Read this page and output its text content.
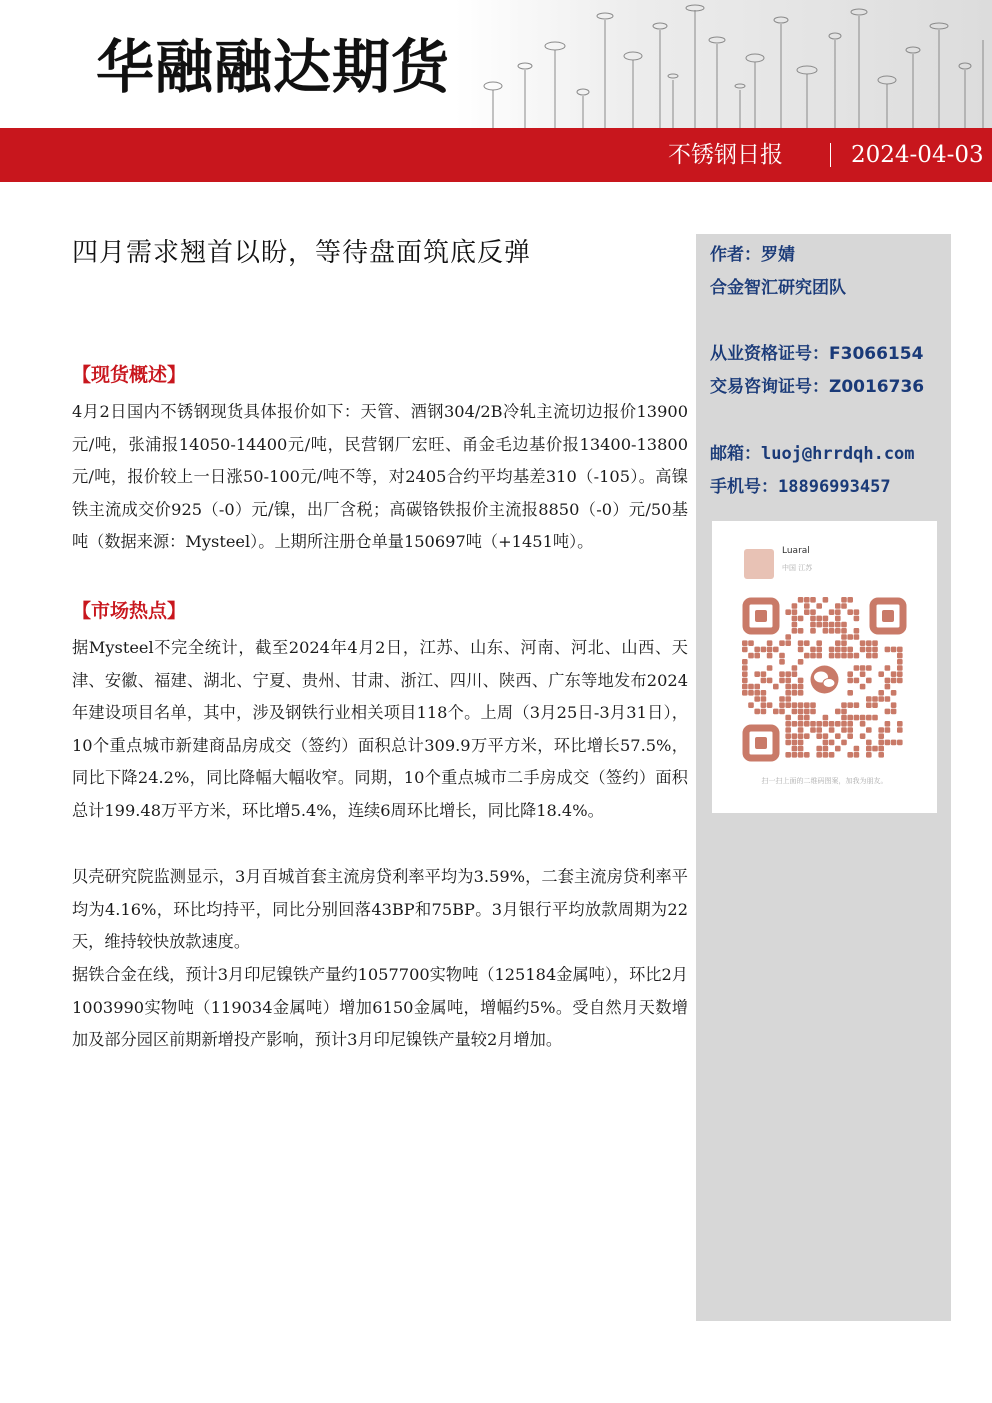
华融融达期货
不锈钢日报	2024-04-03
四月需求翘首以盼，等待盘面筑底反弹
【现货概述】
4月2日国内不锈钢现货具体报价如下：天管、酒钢304/2B冷轧主流切边报价13900元/吨，张浦报14050-14400元/吨，民营钢厂宏旺、甬金毛边基价报13400-13800元/吨，报价较上一日涨50-100元/吨不等，对2405合约平均基差310（-105）。高镍铁主流成交价925（-0）元/镍，出厂含税；高碳铬铁报价主流报8850（-0）元/50基吨（数据来源：Mysteel）。上期所注册仓单量150697吨（+1451吨）。
【市场热点】
据Mysteel不完全统计，截至2024年4月2日，江苏、山东、河南、河北、山西、天津、安徽、福建、湖北、宁夏、贵州、甘肃、浙江、四川、陕西、广东等地发布2024年建设项目名单，其中，涉及钢铁行业相关项目118个。上周（3月25日-3月31日），10个重点城市新建商品房成交（签约）面积总计309.9万平方米，环比增长57.5%，同比下降24.2%，同比降幅大幅收窄。同期，10个重点城市二手房成交（签约）面积总计199.48万平方米，环比增5.4%，连续6周环比增长，同比降18.4%。
贝壳研究院监测显示，3月百城首套主流房贷利率平均为3.59%，二套主流房贷利率平均为4.16%，环比均持平，同比分别回落43BP和75BP。3月银行平均放款周期为22天，维持较快放款速度。
据铁合金在线，预计3月印尼镍铁产量约1057700实物吨（125184金属吨），环比2月1003990实物吨（119034金属吨）增加6150金属吨，增幅约5%。受自然月天数增加及部分园区前期新增投产影响，预计3月印尼镍铁产量较2月增加。
作者：罗婧
合金智汇研究团队
从业资格证号：F3066154
交易咨询证号：Z0016736
邮箱：luoj@hrrdqh.com
手机号：18896993457
Luaral
中国 江苏
扫一扫上面的二维码图案，加我为朋友。
